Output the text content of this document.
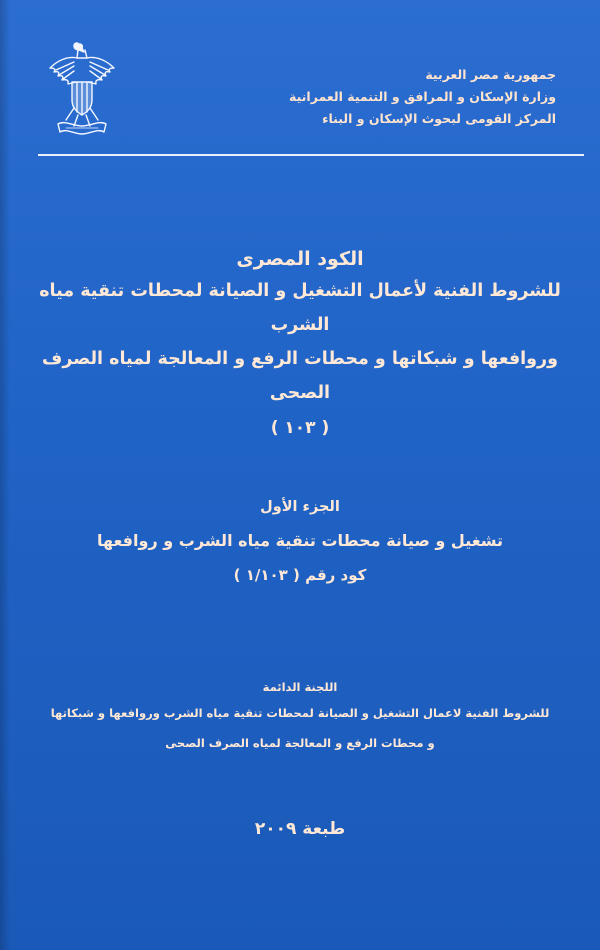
جمهورية مصر العربية
وزارة الإسكان و المرافق و التنمية العمرانية
المركز القومى لبحوث الإسكان و البناء
الكود المصرى
للشروط الفنية لأعمال التشغيل و الصيانة لمحطات تنقية مياه الشرب
وروافعها و شبكاتها و محطات الرفع و المعالجة لمياه الصرف الصحى
( ١٠٣ )
الجزء الأول
تشغيل و صيانة محطات تنقية مياه الشرب و روافعها
كود رقم ( ١/١٠٣ )
اللجنة الدائمة
للشروط الفنية لاعمال التشغيل و الصيانة لمحطات تنقية مياه الشرب وروافعها و شبكاتها
و محطات الرفع و المعالجة لمياه الصرف الصحى
طبعة ٢٠٠٩
